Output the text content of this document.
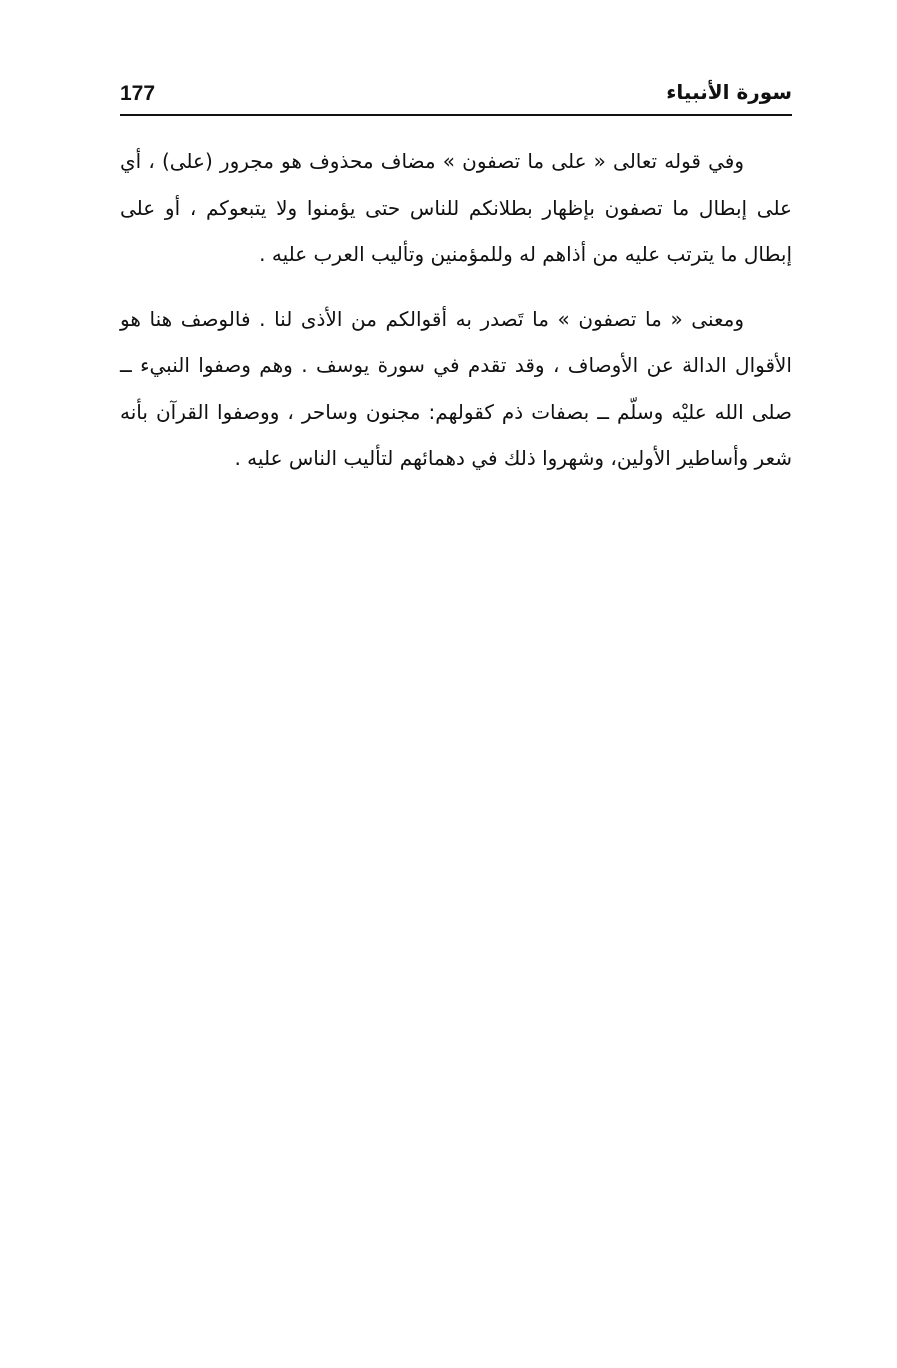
177	سورة الأنبياء

وفي قوله تعالى « على ما تصفون » مضاف محذوف هو مجرور (على) ، أي على إبطال ما تصفون بإظهار بطلانكم للناس حتى يؤمنوا ولا يتبعوكم ، أو على إبطال ما يترتب عليه من أذاهم له وللمؤمنين وتأليب العرب عليه .

ومعنى « ما تصفون » ما تَصدر به أقوالكم من الأذى لنا . فالوصف هنا هو الأقوال الدالة عن الأوصاف ، وقد تقدم في سورة يوسف . وهم وصفوا النبيء ــ صلى الله عليْه وسلّم ــ بصفات ذم كقولهم: مجنون وساحر ، ووصفوا القرآن بأنه شعر وأساطير الأولين، وشهروا ذلك في دهمائهم لتأليب الناس عليه .
